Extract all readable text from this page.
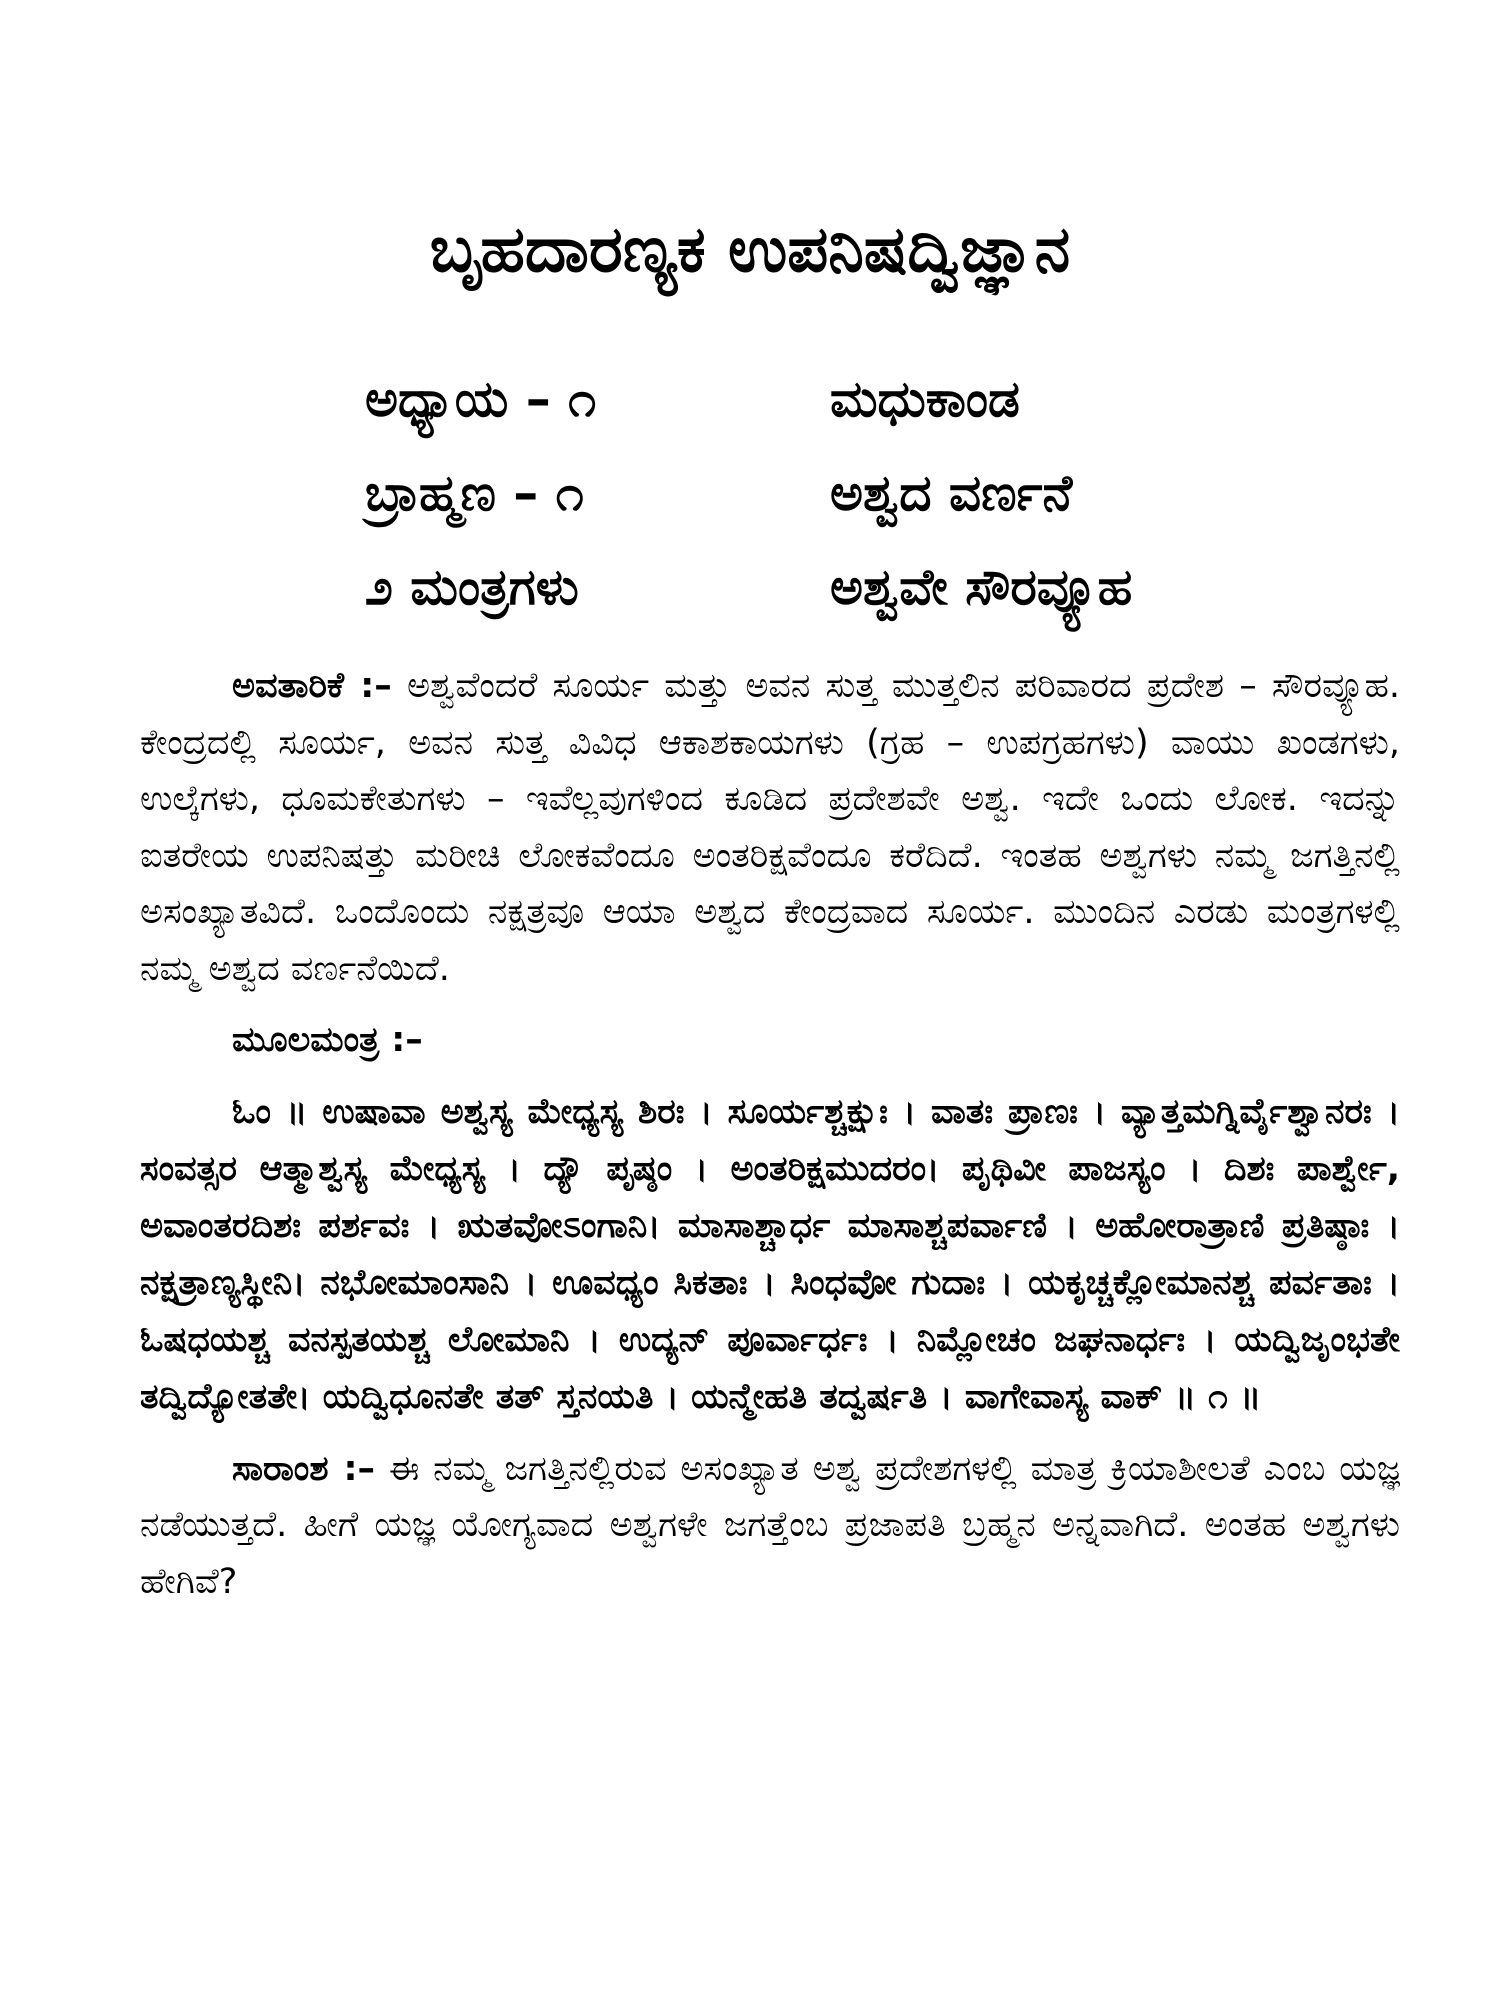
ಬೃಹದಾರಣ್ಯಕ ಉಪನಿಷದ್ವಿಜ್ಞಾನ
ಅಧ್ಯಾಯ – ೧	ಮಧುಕಾಂಡ
ಬ್ರಾಹ್ಮಣ – ೧	ಅಶ್ವದ ವರ್ಣನೆ
೨ ಮಂತ್ರಗಳು	ಅಶ್ವವೇ ಸೌರವ್ಯೂಹ

ಅವತಾರಿಕೆ :– ಅಶ್ವವೆಂದರೆ ಸೂರ್ಯ ಮತ್ತು ಅವನ ಸುತ್ತ ಮುತ್ತಲಿನ ಪರಿವಾರದ ಪ್ರದೇಶ – ಸೌರವ್ಯೂಹ. ಕೇಂದ್ರದಲ್ಲಿ ಸೂರ್ಯ, ಅವನ ಸುತ್ತ ವಿವಿಧ ಆಕಾಶಕಾಯಗಳು (ಗ್ರಹ – ಉಪಗ್ರಹಗಳು) ವಾಯು ಖಂಡಗಳು, ಉಲ್ಕೆಗಳು, ಧೂಮಕೇತುಗಳು – ಇವೆಲ್ಲವುಗಳಿಂದ ಕೂಡಿದ ಪ್ರದೇಶವೇ ಅಶ್ವ. ಇದೇ ಒಂದು ಲೋಕ. ಇದನ್ನು ಐತರೇಯ ಉಪನಿಷತ್ತು ಮರೀಚಿ ಲೋಕವೆಂದೂ ಅಂತರಿಕ್ಷವೆಂದೂ ಕರೆದಿದೆ. ಇಂತಹ ಅಶ್ವಗಳು ನಮ್ಮ ಜಗತ್ತಿನಲ್ಲಿ ಅಸಂಖ್ಯಾತವಿದೆ. ಒಂದೊಂದು ನಕ್ಷತ್ರವೂ ಆಯಾ ಅಶ್ವದ ಕೇಂದ್ರವಾದ ಸೂರ್ಯ. ಮುಂದಿನ ಎರಡು ಮಂತ್ರಗಳಲ್ಲಿ ನಮ್ಮ ಅಶ್ವದ ವರ್ಣನೆಯಿದೆ.

ಮೂಲಮಂತ್ರ :–

ಓಂ ॥ ಉಷಾವಾ ಅಶ್ವಸ್ಯ ಮೇಧ್ಯಸ್ಯ ಶಿರಃ । ಸೂರ್ಯಶ್ಚಕ್ಷುಃ । ವಾತಃ ಪ್ರಾಣಃ । ವ್ಯಾತ್ತಮಗ್ನಿರ್ವೈಶ್ವಾನರಃ । ಸಂವತ್ಸರ ಆತ್ಮಾಶ್ವಸ್ಯ ಮೇಧ್ಯಸ್ಯ । ದ್ಯೌ ಪೃಷ್ಠಂ । ಅಂತರಿಕ್ಷಮುದರಂ। ಪೃಥಿವೀ ಪಾಜಸ್ಯಂ । ದಿಶಃ ಪಾರ್ಶ್ವೇ, ಅವಾಂತರದಿಶಃ ಪರ್ಶವಃ । ಋತವೋಽಂಗಾನಿ। ಮಾಸಾಶ್ಚಾರ್ಧ ಮಾಸಾಶ್ಚಪರ್ವಾಣಿ । ಅಹೋರಾತ್ರಾಣಿ ಪ್ರತಿಷ್ಠಾಃ । ನಕ್ಷತ್ರಾಣ್ಯಸ್ಥೀನಿ। ನಭೋಮಾಂಸಾನಿ । ಊವಧ್ಯಂ ಸಿಕತಾಃ । ಸಿಂಧವೋ ಗುದಾಃ । ಯಕೃಚ್ಚಕ್ಲೋಮಾನಶ್ಚ ಪರ್ವತಾಃ । ಓಷಧಯಶ್ಚ ವನಸ್ಪತಯಶ್ಚ ಲೋಮಾನಿ । ಉದ್ಯನ್ ಪೂರ್ವಾರ್ಧಃ । ನಿಮ್ಲೋಚಂ ಜಘನಾರ್ಧಃ । ಯದ್ವಿಜೃಂಭತೇ ತದ್ವಿದ್ಯೋತತೇ। ಯದ್ವಿಧೂನತೇ ತತ್ ಸ್ತನಯತಿ । ಯನ್ಮೇಹತಿ ತದ್ವರ್ಷತಿ । ವಾಗೇವಾಸ್ಯ ವಾಕ್ ॥ ೧ ॥

ಸಾರಾಂಶ :– ಈ ನಮ್ಮ ಜಗತ್ತಿನಲ್ಲಿರುವ ಅಸಂಖ್ಯಾತ ಅಶ್ವ ಪ್ರದೇಶಗಳಲ್ಲಿ ಮಾತ್ರ ಕ್ರಿಯಾಶೀಲತೆ ಎಂಬ ಯಜ್ಞ ನಡೆಯುತ್ತದೆ. ಹೀಗೆ ಯಜ್ಞ ಯೋಗ್ಯವಾದ ಅಶ್ವಗಳೇ ಜಗತ್ತೆಂಬ ಪ್ರಜಾಪತಿ ಬ್ರಹ್ಮನ ಅನ್ನವಾಗಿದೆ. ಅಂತಹ ಅಶ್ವಗಳು ಹೇಗಿವೆ?
